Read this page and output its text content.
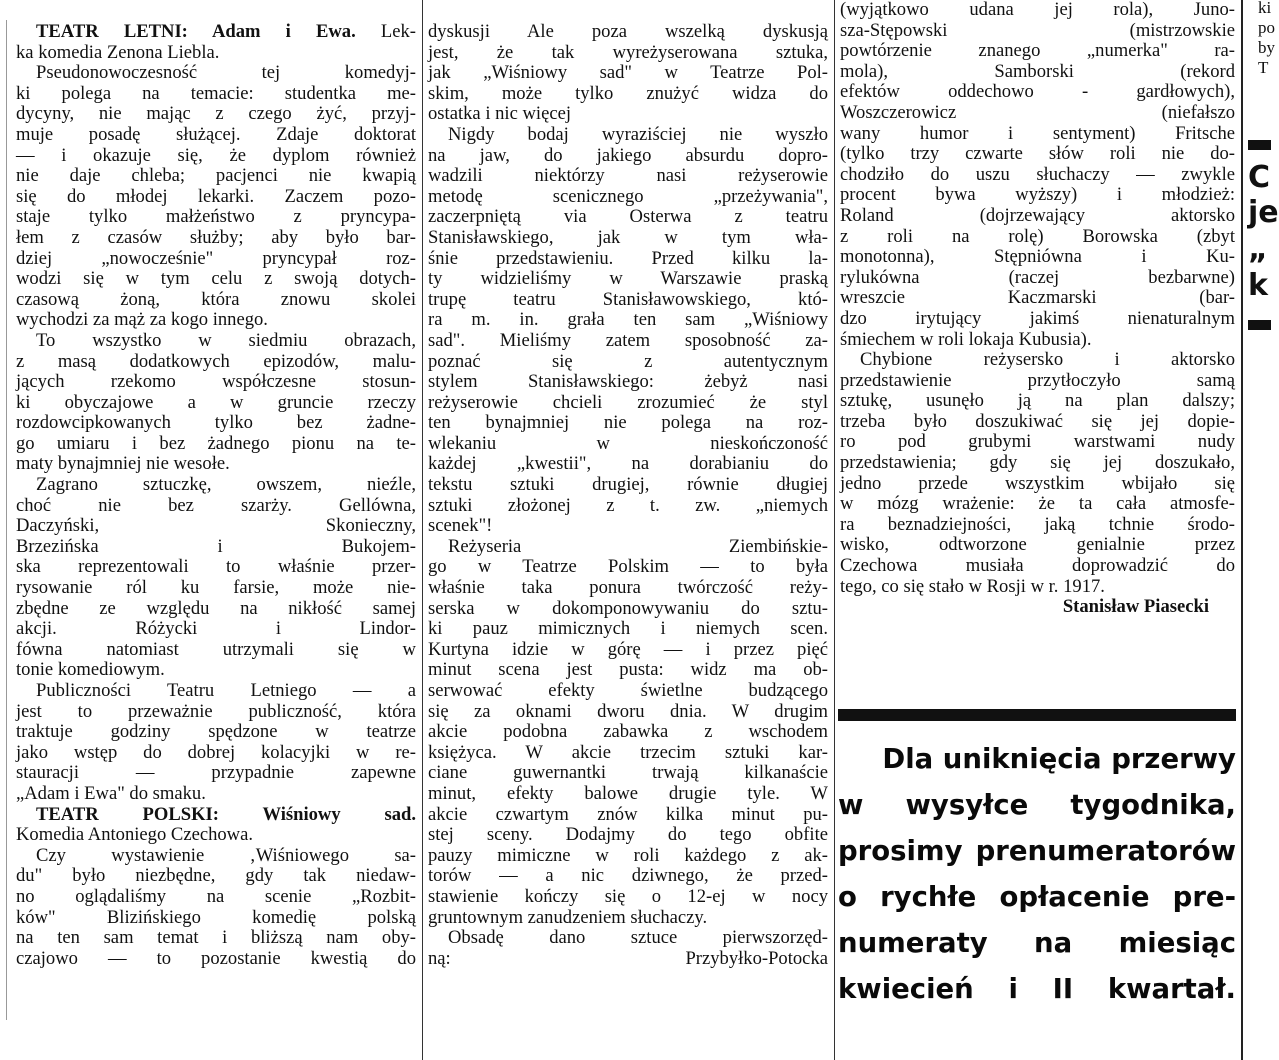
TEATR LETNI: Adam i Ewa. Lek-
ka komedia Zenona Liebla.
Pseudonowoczesność tej komedyj-
ki polega na temacie: studentka me-
dycyny, nie mając z czego żyć, przyj-
muje posadę służącej. Zdaje doktorat
— i okazuje się, że dyplom również
nie daje chleba; pacjenci nie kwapią
się do młodej lekarki. Zaczem pozo-
staje tylko małżeństwo z pryncypa-
łem z czasów służby; aby było bar-
dziej „nowocześnie" pryncypał roz-
wodzi się w tym celu z swoją dotych-
czasową żoną, która znowu skolei
wychodzi za mąż za kogo innego.
To wszystko w siedmiu obrazach,
z masą dodatkowych epizodów, malu-
jących rzekomo współczesne stosun-
ki obyczajowe a w gruncie rzeczy
rozdowcipkowanych tylko bez żadne-
go umiaru i bez żadnego pionu na te-
maty bynajmniej nie wesołe.
Zagrano sztuczkę, owszem, nieźle,
choć nie bez szarży. Gellówna,
Daczyński, Skonieczny,
Brzezińska i Bukojem-
ska reprezentowali to właśnie przer-
rysowanie ról ku farsie, może nie-
zbędne ze względu na nikłość samej
akcji. Różycki i Lindor-
fówna natomiast utrzymali się w
tonie komediowym.
Publiczności Teatru Letniego — a
jest to przeważnie publiczność, która
traktuje godziny spędzone w teatrze
jako wstęp do dobrej kolacyjki w re-
stauracji — przypadnie zapewne
„Adam i Ewa" do smaku.
TEATR POLSKI: Wiśniowy sad.
Komedia Antoniego Czechowa.
Czy wystawienie ‚Wiśniowego sa-
du" było niezbędne, gdy tak niedaw-
no oglądaliśmy na scenie „Rozbit-
ków" Blizińskiego komedię polską
na ten sam temat i bliższą nam oby-
czajowo — to pozostanie kwestią do
dyskusji Ale poza wszelką dyskusją
jest, że tak wyreżyserowana sztuka,
jak „Wiśniowy sad" w Teatrze Pol-
skim, może tylko znużyć widza do
ostatka i nic więcej
Nigdy bodaj wyraziściej nie wyszło
na jaw, do jakiego absurdu dopro-
wadzili niektórzy nasi reżyserowie
metodę scenicznego „przeżywania",
zaczerpniętą via Osterwa z teatru
Stanisławskiego, jak w tym wła-
śnie przedstawieniu. Przed kilku la-
ty widzieliśmy w Warszawie praską
trupę teatru Stanisławowskiego, któ-
ra m. in. grała ten sam „Wiśniowy
sad". Mieliśmy zatem sposobność za-
poznać się z autentycznym
stylem Stanisławskiego: żebyż nasi
reżyserowie chcieli zrozumieć że styl
ten bynajmniej nie polega na roz-
wlekaniu w nieskończoność
każdej „kwestii", na dorabianiu do
tekstu sztuki drugiej, równie długiej
sztuki złożonej z t. zw. „niemych
scenek"!
Reżyseria Ziembińskie-
go w Teatrze Polskim — to była
właśnie taka ponura twórczość reży-
serska w dokomponowywaniu do sztu-
ki pauz mimicznych i niemych scen.
Kurtyna idzie w górę — i przez pięć
minut scena jest pusta: widz ma ob-
serwować efekty świetlne budzącego
się za oknami dworu dnia. W drugim
akcie podobna zabawka z wschodem
księżyca. W akcie trzecim sztuki kar-
ciane guwernantki trwają kilkanaście
minut, efekty balowe drugie tyle. W
akcie czwartym znów kilka minut pu-
stej sceny. Dodajmy do tego obfite
pauzy mimiczne w roli każdego z ak-
torów — a nic dziwnego, że przed-
stawienie kończy się o 12-ej w nocy
gruntownym zanudzeniem słuchaczy.
Obsadę dano sztuce pierwszorzęd-
ną: Przybyłko-Potocka
(wyjątkowo udana jej rola), Juno-
sza-Stępowski (mistrzowskie
powtórzenie znanego „numerka" ra-
mola), Samborski (rekord
efektów oddechowo - gardłowych),
Woszczerowicz (niefałszo
wany humor i sentyment) Fritsche
(tylko trzy czwarte słów roli nie do-
chodziło do uszu słuchaczy — zwykle
procent bywa wyższy) i młodzież:
Roland (dojrzewający aktorsko
z roli na rolę) Borowska (zbyt
monotonna), Stępniówna i Ku-
rylukówna (raczej bezbarwne)
wreszcie Kaczmarski (bar-
dzo irytujący jakimś nienaturalnym
śmiechem w roli lokaja Kubusia).
Chybione reżysersko i aktorsko
przedstawienie przytłoczyło samą
sztukę, usunęło ją na plan dalszy;
trzeba było doszukiwać się jej dopie-
ro pod grubymi warstwami nudy
przedstawienia; gdy się jej doszukało,
jedno przede wszystkim wbijało się
w mózg wrażenie: że ta cała atmosfe-
ra beznadziejności, jaką tchnie środo-
wisko, odtworzone genialnie przez
Czechowa musiała doprowadzić do
tego, co się stało w Rosji w r. 1917.
Stanisław Piasecki
Dla uniknięcia przerwy
w wysyłce tygodnika,
prosimy prenumeratorów
o rychłe opłacenie pre-
numeraty na miesiąc
kwiecień i II kwartał.
ki
po
by
T
C
je
„
k
